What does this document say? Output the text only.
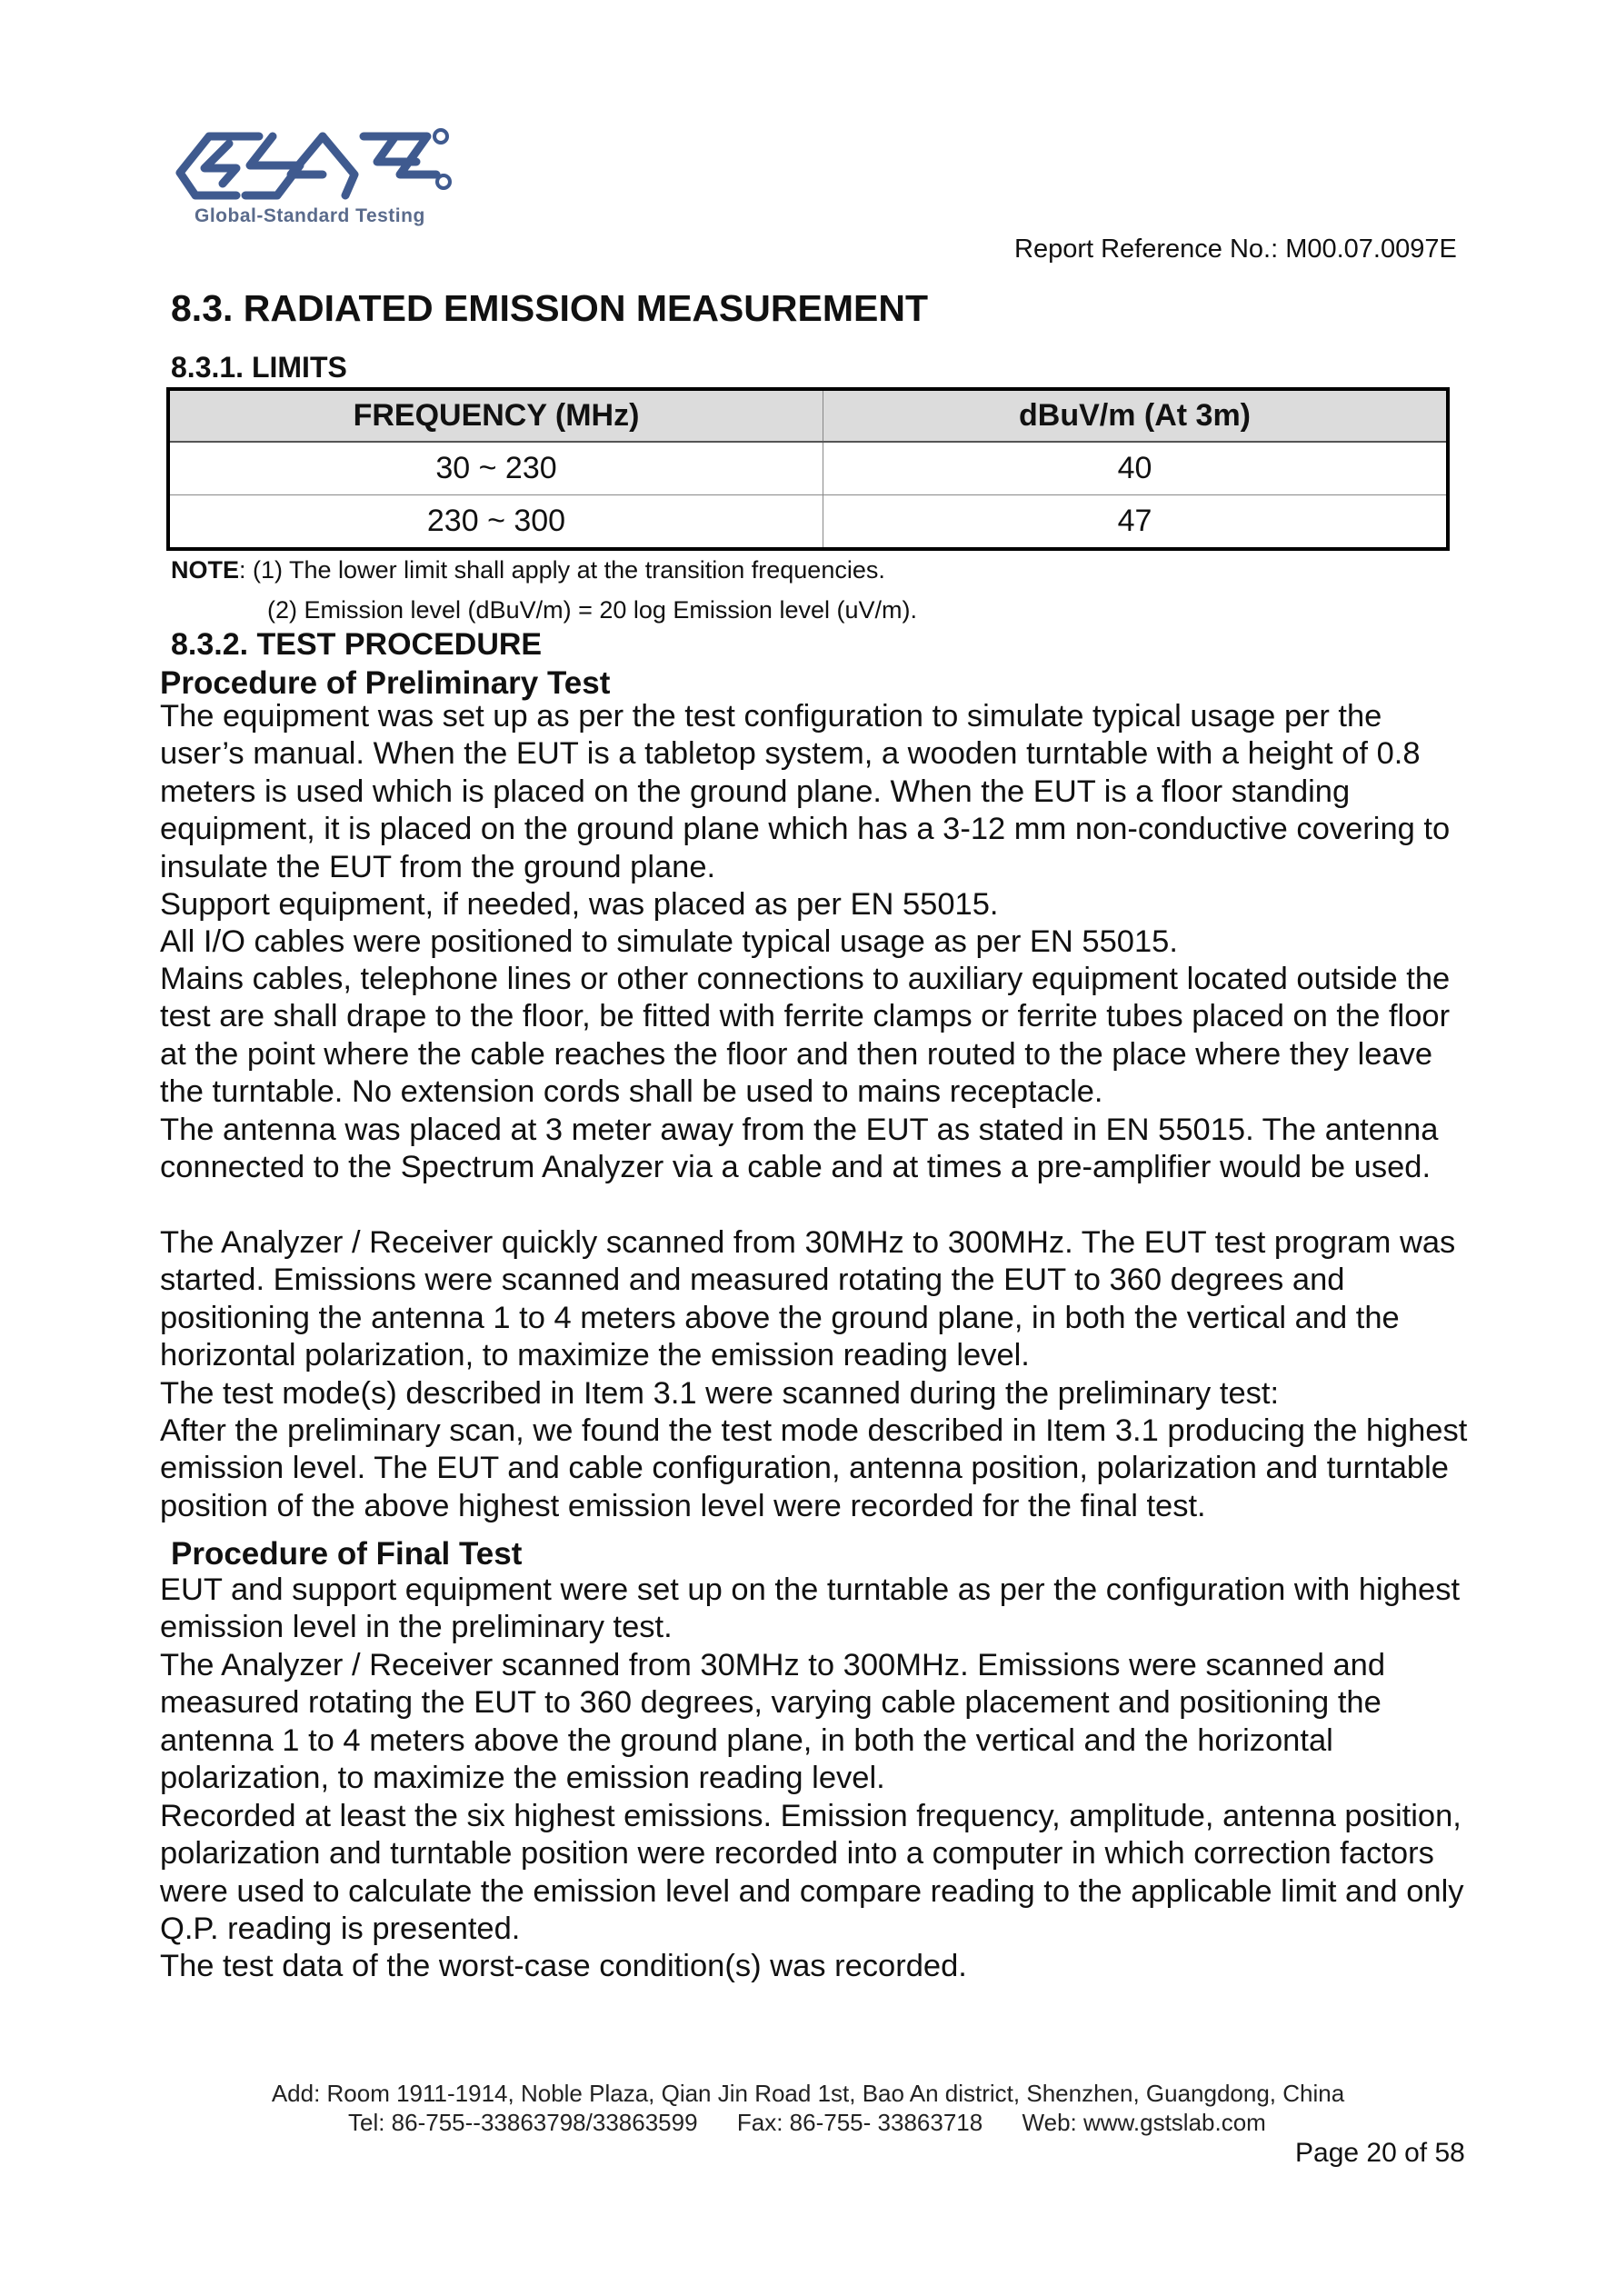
Global-Standard Testing
Report Reference No.: M00.07.0097E
8.3. RADIATED EMISSION MEASUREMENT
8.3.1. LIMITS
FREQUENCY (MHz)	dBuV/m (At 3m)
30 ~ 230	40
230 ~ 300	47
NOTE: (1) The lower limit shall apply at the transition frequencies.
(2) Emission level (dBuV/m) = 20 log Emission level (uV/m).
8.3.2. TEST PROCEDURE
Procedure of Preliminary Test

The equipment was set up as per the test configuration to simulate typical usage per the user’s manual. When the EUT is a tabletop system, a wooden turntable with a height of 0.8 meters is used which is placed on the ground plane. When the EUT is a floor standing equipment, it is placed on the ground plane which has a 3-12 mm non-conductive covering to insulate the EUT from the ground plane.

Support equipment, if needed, was placed as per EN 55015.

All I/O cables were positioned to simulate typical usage as per EN 55015.

Mains cables, telephone lines or other connections to auxiliary equipment located outside the test are shall drape to the floor, be fitted with ferrite clamps or ferrite tubes placed on the floor at the point where the cable reaches the floor and then routed to the place where they leave the turntable. No extension cords shall be used to mains receptacle.

The antenna was placed at 3 meter away from the EUT as stated in EN 55015. The antenna connected to the Spectrum Analyzer via a cable and at times a pre-amplifier would be used.

The Analyzer / Receiver quickly scanned from 30MHz to 300MHz. The EUT test program was started. Emissions were scanned and measured rotating the EUT to 360 degrees and positioning the antenna 1 to 4 meters above the ground plane, in both the vertical and the horizontal polarization, to maximize the emission reading level.

The test mode(s) described in Item 3.1 were scanned during the preliminary test:

After the preliminary scan, we found the test mode described in Item 3.1 producing the highest emission level. The EUT and cable configuration, antenna position, polarization and turntable position of the above highest emission level were recorded for the final test.

Procedure of Final Test

EUT and support equipment were set up on the turntable as per the configuration with highest emission level in the preliminary test.

The Analyzer / Receiver scanned from 30MHz to 300MHz. Emissions were scanned and measured rotating the EUT to 360 degrees, varying cable placement and positioning the antenna 1 to 4 meters above the ground plane, in both the vertical and the horizontal polarization, to maximize the emission reading level.

Recorded at least the six highest emissions. Emission frequency, amplitude, antenna position, polarization and turntable position were recorded into a computer in which correction factors were used to calculate the emission level and compare reading to the applicable limit and only Q.P. reading is presented.

The test data of the worst-case condition(s) was recorded.

Add: Room 1911-1914, Noble Plaza, Qian Jin Road 1st, Bao An district, Shenzhen, Guangdong, China
Tel: 86-755--33863798/33863599 Fax: 86-755- 33863718 Web: www.gstslab.com
Page 20 of 58
